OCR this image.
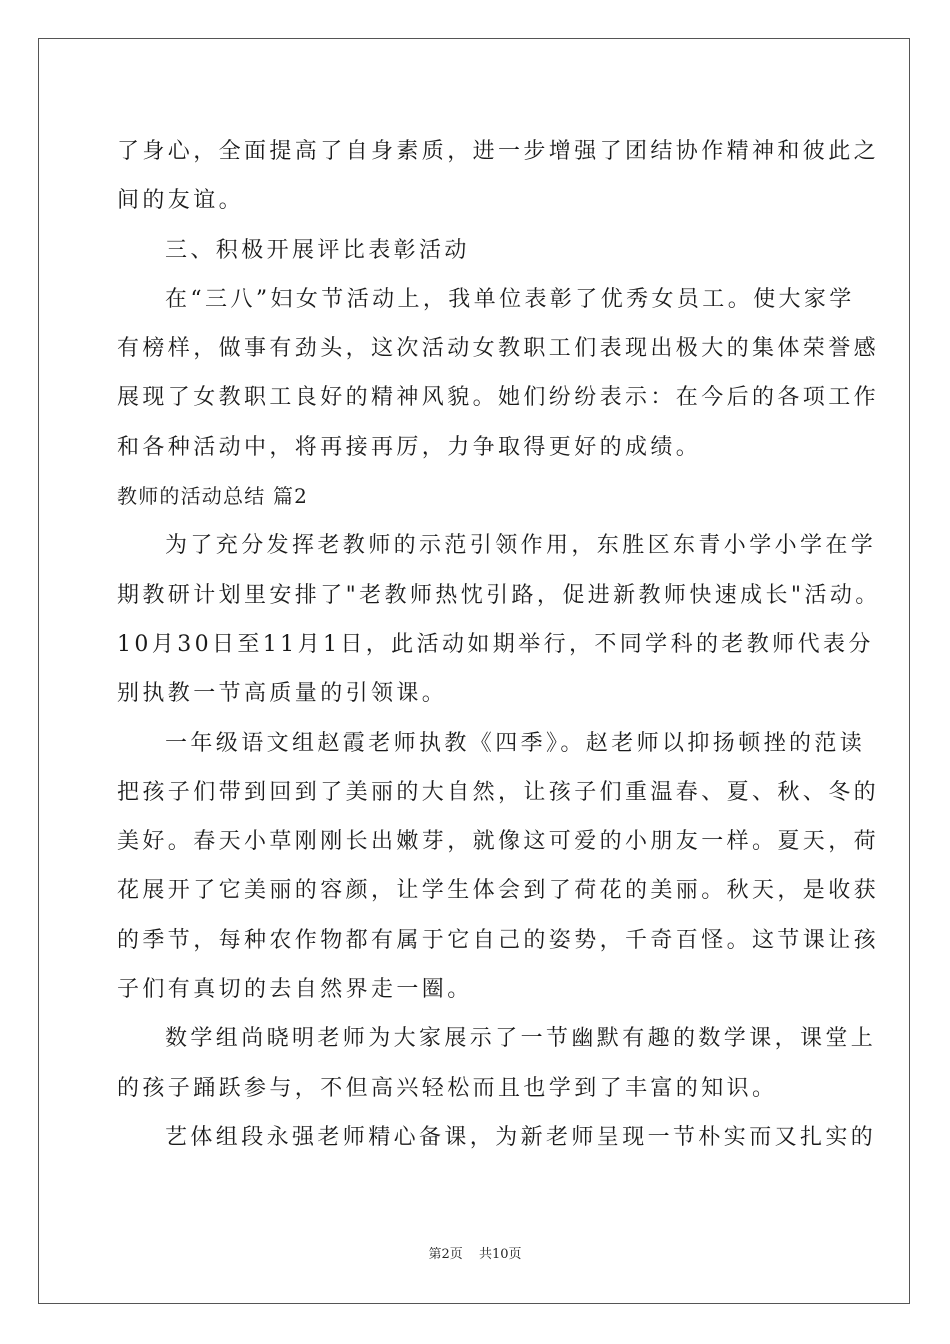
了身心，全面提高了自身素质，进一步增强了团结协作精神和彼此之
间的友谊。
三、积极开展评比表彰活动
在“三八”妇女节活动上，我单位表彰了优秀女员工。使大家学
有榜样，做事有劲头，这次活动女教职工们表现出极大的集体荣誉感
展现了女教职工良好的精神风貌。她们纷纷表示：在今后的各项工作
和各种活动中，将再接再厉，力争取得更好的成绩。
教师的活动总结 篇2
为了充分发挥老教师的示范引领作用，东胜区东青小学小学在学
期教研计划里安排了"老教师热忱引路，促进新教师快速成长"活动。
10月30日至11月1日，此活动如期举行，不同学科的老教师代表分
别执教一节高质量的引领课。
一年级语文组赵霞老师执教《四季》。赵老师以抑扬顿挫的范读
把孩子们带到回到了美丽的大自然，让孩子们重温春、夏、秋、冬的
美好。春天小草刚刚长出嫩芽，就像这可爱的小朋友一样。夏天，荷
花展开了它美丽的容颜，让学生体会到了荷花的美丽。秋天，是收获
的季节，每种农作物都有属于它自己的姿势，千奇百怪。这节课让孩
子们有真切的去自然界走一圈。
数学组尚晓明老师为大家展示了一节幽默有趣的数学课，课堂上
的孩子踊跃参与，不但高兴轻松而且也学到了丰富的知识。
艺体组段永强老师精心备课，为新老师呈现一节朴实而又扎实的
第2页 共10页
